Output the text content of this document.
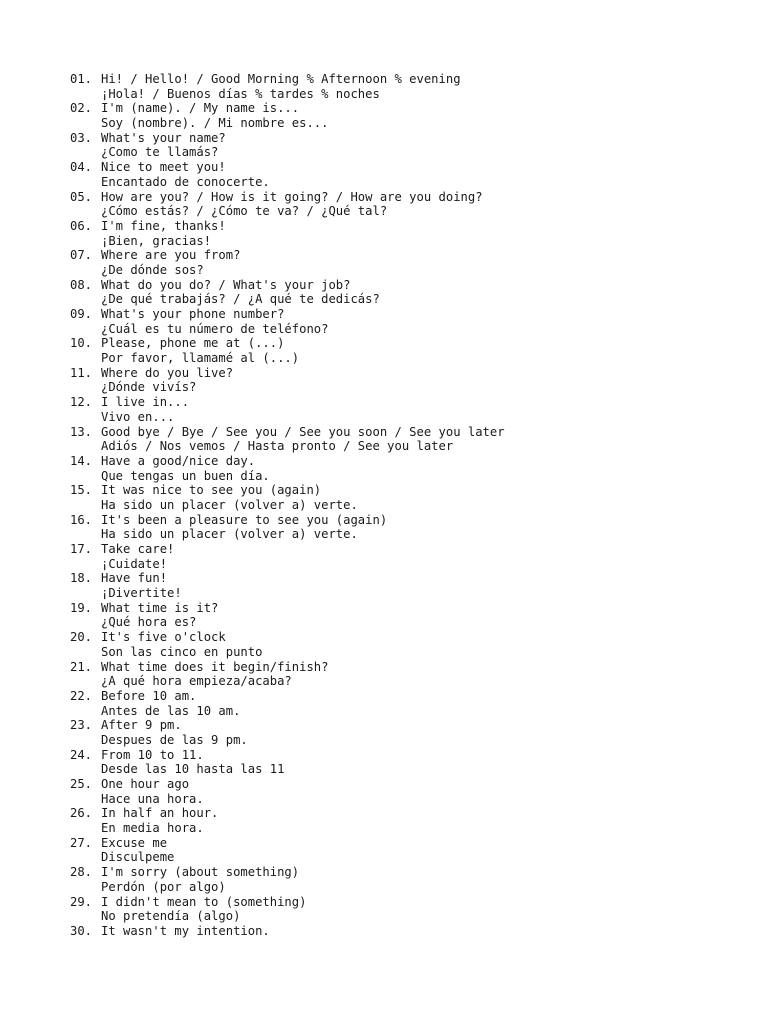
01. Hi! / Hello! / Good Morning % Afternoon % evening
¡Hola! / Buenos días % tardes % noches
02. I'm (name). / My name is...
Soy (nombre). / Mi nombre es...
03. What's your name?
¿Como te llamás?
04. Nice to meet you!
Encantado de conocerte.
05. How are you? / How is it going? / How are you doing?
¿Cómo estás? / ¿Cómo te va? / ¿Qué tal?
06. I'm fine, thanks!
¡Bien, gracias!
07. Where are you from?
¿De dónde sos?
08. What do you do? / What's your job?
¿De qué trabajás? / ¿A qué te dedicás?
09. What's your phone number?
¿Cuál es tu número de teléfono?
10. Please, phone me at (...)
Por favor, llamamé al (...)
11. Where do you live?
¿Dónde vivís?
12. I live in...
Vivo en...
13. Good bye / Bye / See you / See you soon / See you later
Adiós / Nos vemos / Hasta pronto / See you later
14. Have a good/nice day.
Que tengas un buen día.
15. It was nice to see you (again)
Ha sido un placer (volver a) verte.
16. It's been a pleasure to see you (again)
Ha sido un placer (volver a) verte.
17. Take care!
¡Cuidate!
18. Have fun!
¡Divertite!
19. What time is it?
¿Qué hora es?
20. It's five o'clock
Son las cinco en punto
21. What time does it begin/finish?
¿A qué hora empieza/acaba?
22. Before 10 am.
Antes de las 10 am.
23. After 9 pm.
Despues de las 9 pm.
24. From 10 to 11.
Desde las 10 hasta las 11
25. One hour ago
Hace una hora.
26. In half an hour.
En media hora.
27. Excuse me
Disculpeme
28. I'm sorry (about something)
Perdón (por algo)
29. I didn't mean to (something)
No pretendía (algo)
30. It wasn't my intention.
